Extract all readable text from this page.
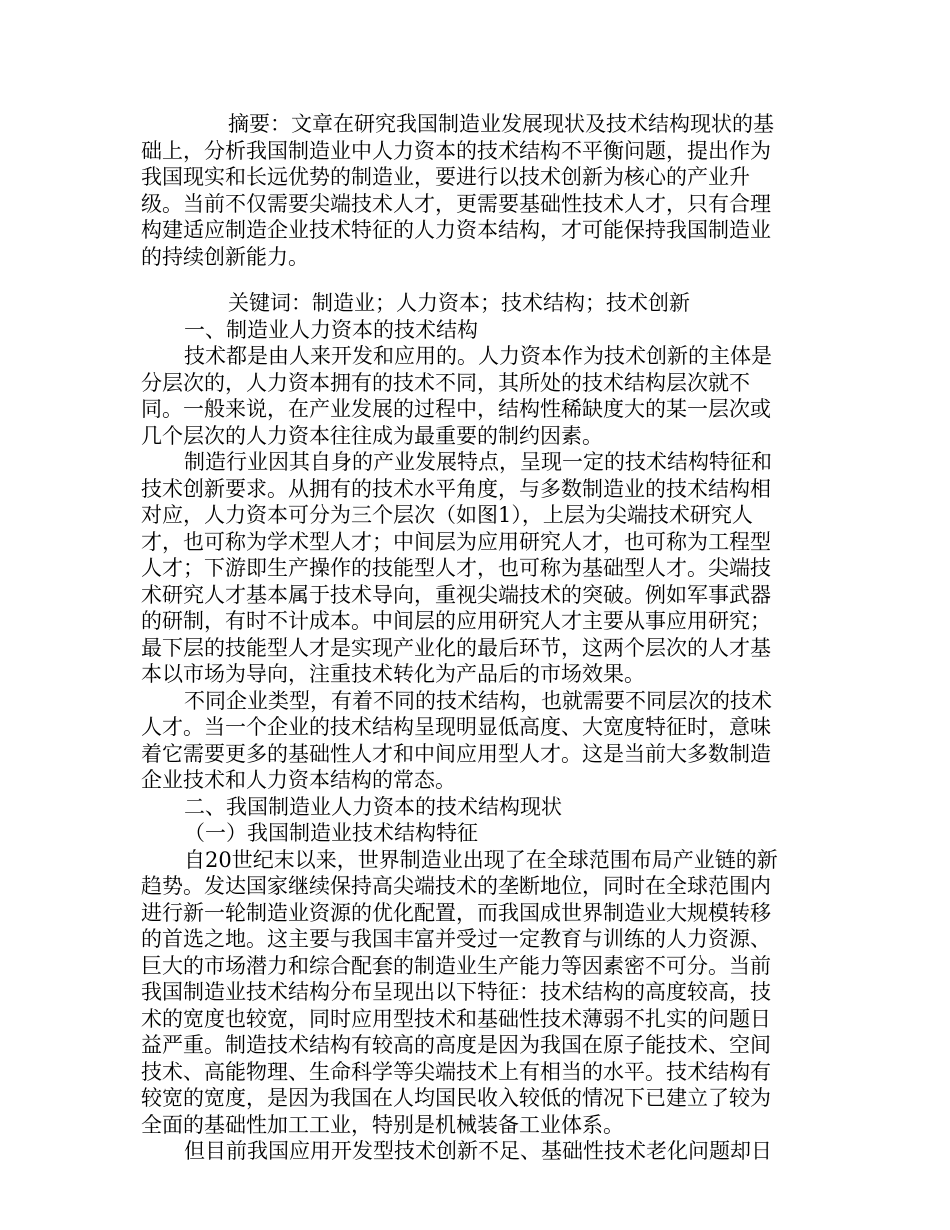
摘要：文章在研究我国制造业发展现状及技术结构现状的基
础上，分析我国制造业中人力资本的技术结构不平衡问题，提出作为
我国现实和长远优势的制造业，要进行以技术创新为核心的产业升
级。当前不仅需要尖端技术人才，更需要基础性技术人才，只有合理
构建适应制造企业技术特征的人力资本结构，才可能保持我国制造业
的持续创新能力。
关键词：制造业；人力资本；技术结构；技术创新
一、制造业人力资本的技术结构
技术都是由人来开发和应用的。人力资本作为技术创新的主体是
分层次的，人力资本拥有的技术不同，其所处的技术结构层次就不
同。一般来说，在产业发展的过程中，结构性稀缺度大的某一层次或
几个层次的人力资本往往成为最重要的制约因素。
制造行业因其自身的产业发展特点，呈现一定的技术结构特征和
技术创新要求。从拥有的技术水平角度，与多数制造业的技术结构相
对应，人力资本可分为三个层次（如图1），上层为尖端技术研究人
才，也可称为学术型人才；中间层为应用研究人才，也可称为工程型
人才；下游即生产操作的技能型人才，也可称为基础型人才。尖端技
术研究人才基本属于技术导向，重视尖端技术的突破。例如军事武器
的研制，有时不计成本。中间层的应用研究人才主要从事应用研究；
最下层的技能型人才是实现产业化的最后环节，这两个层次的人才基
本以市场为导向，注重技术转化为产品后的市场效果。
不同企业类型，有着不同的技术结构，也就需要不同层次的技术
人才。当一个企业的技术结构呈现明显低高度、大宽度特征时，意味
着它需要更多的基础性人才和中间应用型人才。这是当前大多数制造
企业技术和人力资本结构的常态。
二、我国制造业人力资本的技术结构现状
（一）我国制造业技术结构特征
自20世纪末以来，世界制造业出现了在全球范围布局产业链的新
趋势。发达国家继续保持高尖端技术的垄断地位，同时在全球范围内
进行新一轮制造业资源的优化配置，而我国成世界制造业大规模转移
的首选之地。这主要与我国丰富并受过一定教育与训练的人力资源、
巨大的市场潜力和综合配套的制造业生产能力等因素密不可分。当前
我国制造业技术结构分布呈现出以下特征：技术结构的高度较高，技
术的宽度也较宽，同时应用型技术和基础性技术薄弱不扎实的问题日
益严重。制造技术结构有较高的高度是因为我国在原子能技术、空间
技术、高能物理、生命科学等尖端技术上有相当的水平。技术结构有
较宽的宽度，是因为我国在人均国民收入较低的情况下已建立了较为
全面的基础性加工工业，特别是机械装备工业体系。
但目前我国应用开发型技术创新不足、基础性技术老化问题却日
